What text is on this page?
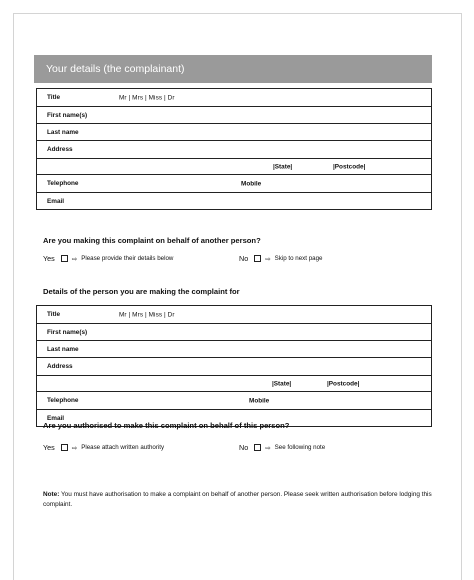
Your details (the complainant)
Title	Mr | Mrs | Miss | Dr

First name(s)
Last name
Address

|State|	|Postcode|

Telephone	Mobile

Email
Are you making this complaint on behalf of another person?
Yes	⇨ Please provide their details below	No	⇨ Skip to next page
Details of the person you are making the complaint for
Title	Mr | Mrs | Miss | Dr

First name(s)
Last name
Address

|State|	|Postcode|

Telephone	Mobile

Email
Are you authorised to make this complaint on behalf of this person?
Yes	⇨ Please attach written authority	No	⇨ See following note
Note: You must have authorisation to make a complaint on behalf of another person. Please seek written authorisation before lodging this complaint.
